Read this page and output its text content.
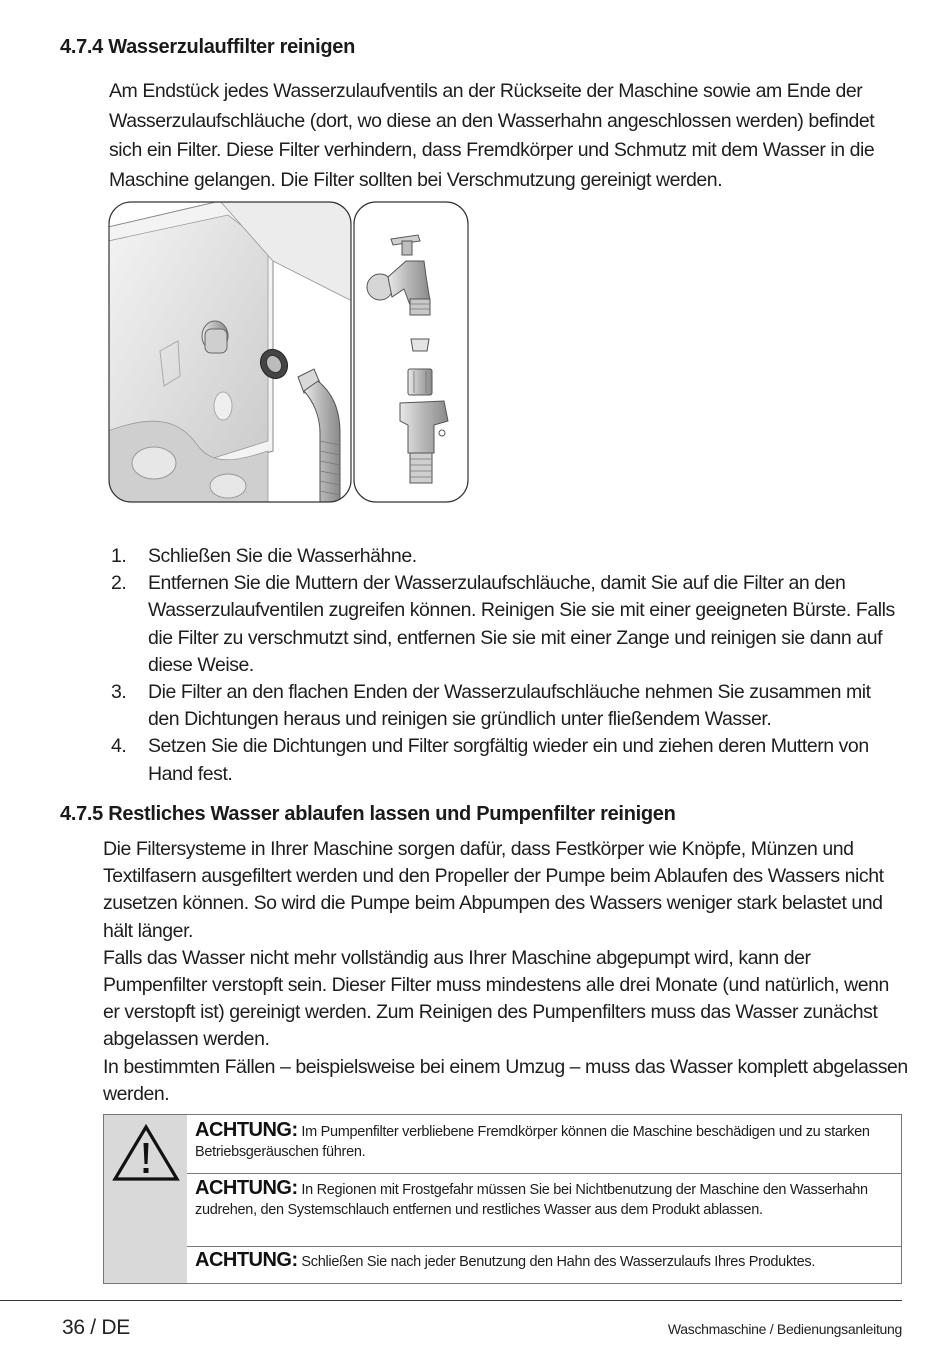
4.7.4 Wasserzulauffilter reinigen

Am Endstück jedes Wasserzulaufventils an der Rückseite der Maschine sowie am Ende der Wasserzulaufschläuche (dort, wo diese an den Wasserhahn angeschlossen werden) befindet sich ein Filter. Diese Filter verhindern, dass Fremdkörper und Schmutz mit dem Wasser in die Maschine gelangen. Die Filter sollten bei Verschmutzung gereinigt werden.

1. Schließen Sie die Wasserhähne.
2. Entfernen Sie die Muttern der Wasserzulaufschläuche, damit Sie auf die Filter an den Wasserzulaufventilen zugreifen können. Reinigen Sie sie mit einer geeigneten Bürste. Falls die Filter zu verschmutzt sind, entfernen Sie sie mit einer Zange und reinigen sie dann auf diese Weise.
3. Die Filter an den flachen Enden der Wasserzulaufschläuche nehmen Sie zusammen mit den Dichtungen heraus und reinigen sie gründlich unter fließendem Wasser.
4. Setzen Sie die Dichtungen und Filter sorgfältig wieder ein und ziehen deren Muttern von Hand fest.
4.7.5 Restliches Wasser ablaufen lassen und Pumpenfilter reinigen
Die Filtersysteme in Ihrer Maschine sorgen dafür, dass Festkörper wie Knöpfe, Münzen und Textilfasern ausgefiltert werden und den Propeller der Pumpe beim Ablaufen des Wassers nicht zusetzen können. So wird die Pumpe beim Abpumpen des Wassers weniger stark belastet und hält länger.
Falls das Wasser nicht mehr vollständig aus Ihrer Maschine abgepumpt wird, kann der Pumpenfilter verstopft sein. Dieser Filter muss mindestens alle drei Monate (und natürlich, wenn er verstopft ist) gereinigt werden. Zum Reinigen des Pumpenfilters muss das Wasser zunächst abgelassen werden.
In bestimmten Fällen – beispielsweise bei einem Umzug – muss das Wasser komplett abgelassen werden.
ACHTUNG: Im Pumpenfilter verbliebene Fremdkörper können die Maschine beschädigen und zu starken Betriebsgeräuschen führen.
ACHTUNG: In Regionen mit Frostgefahr müssen Sie bei Nichtbenutzung der Maschine den Wasserhahn zudrehen, den Systemschlauch entfernen und restliches Wasser aus dem Produkt ablassen.
ACHTUNG: Schließen Sie nach jeder Benutzung den Hahn des Wasserzulaufs Ihres Produktes.
36 / DE	Waschmaschine / Bedienungsanleitung
